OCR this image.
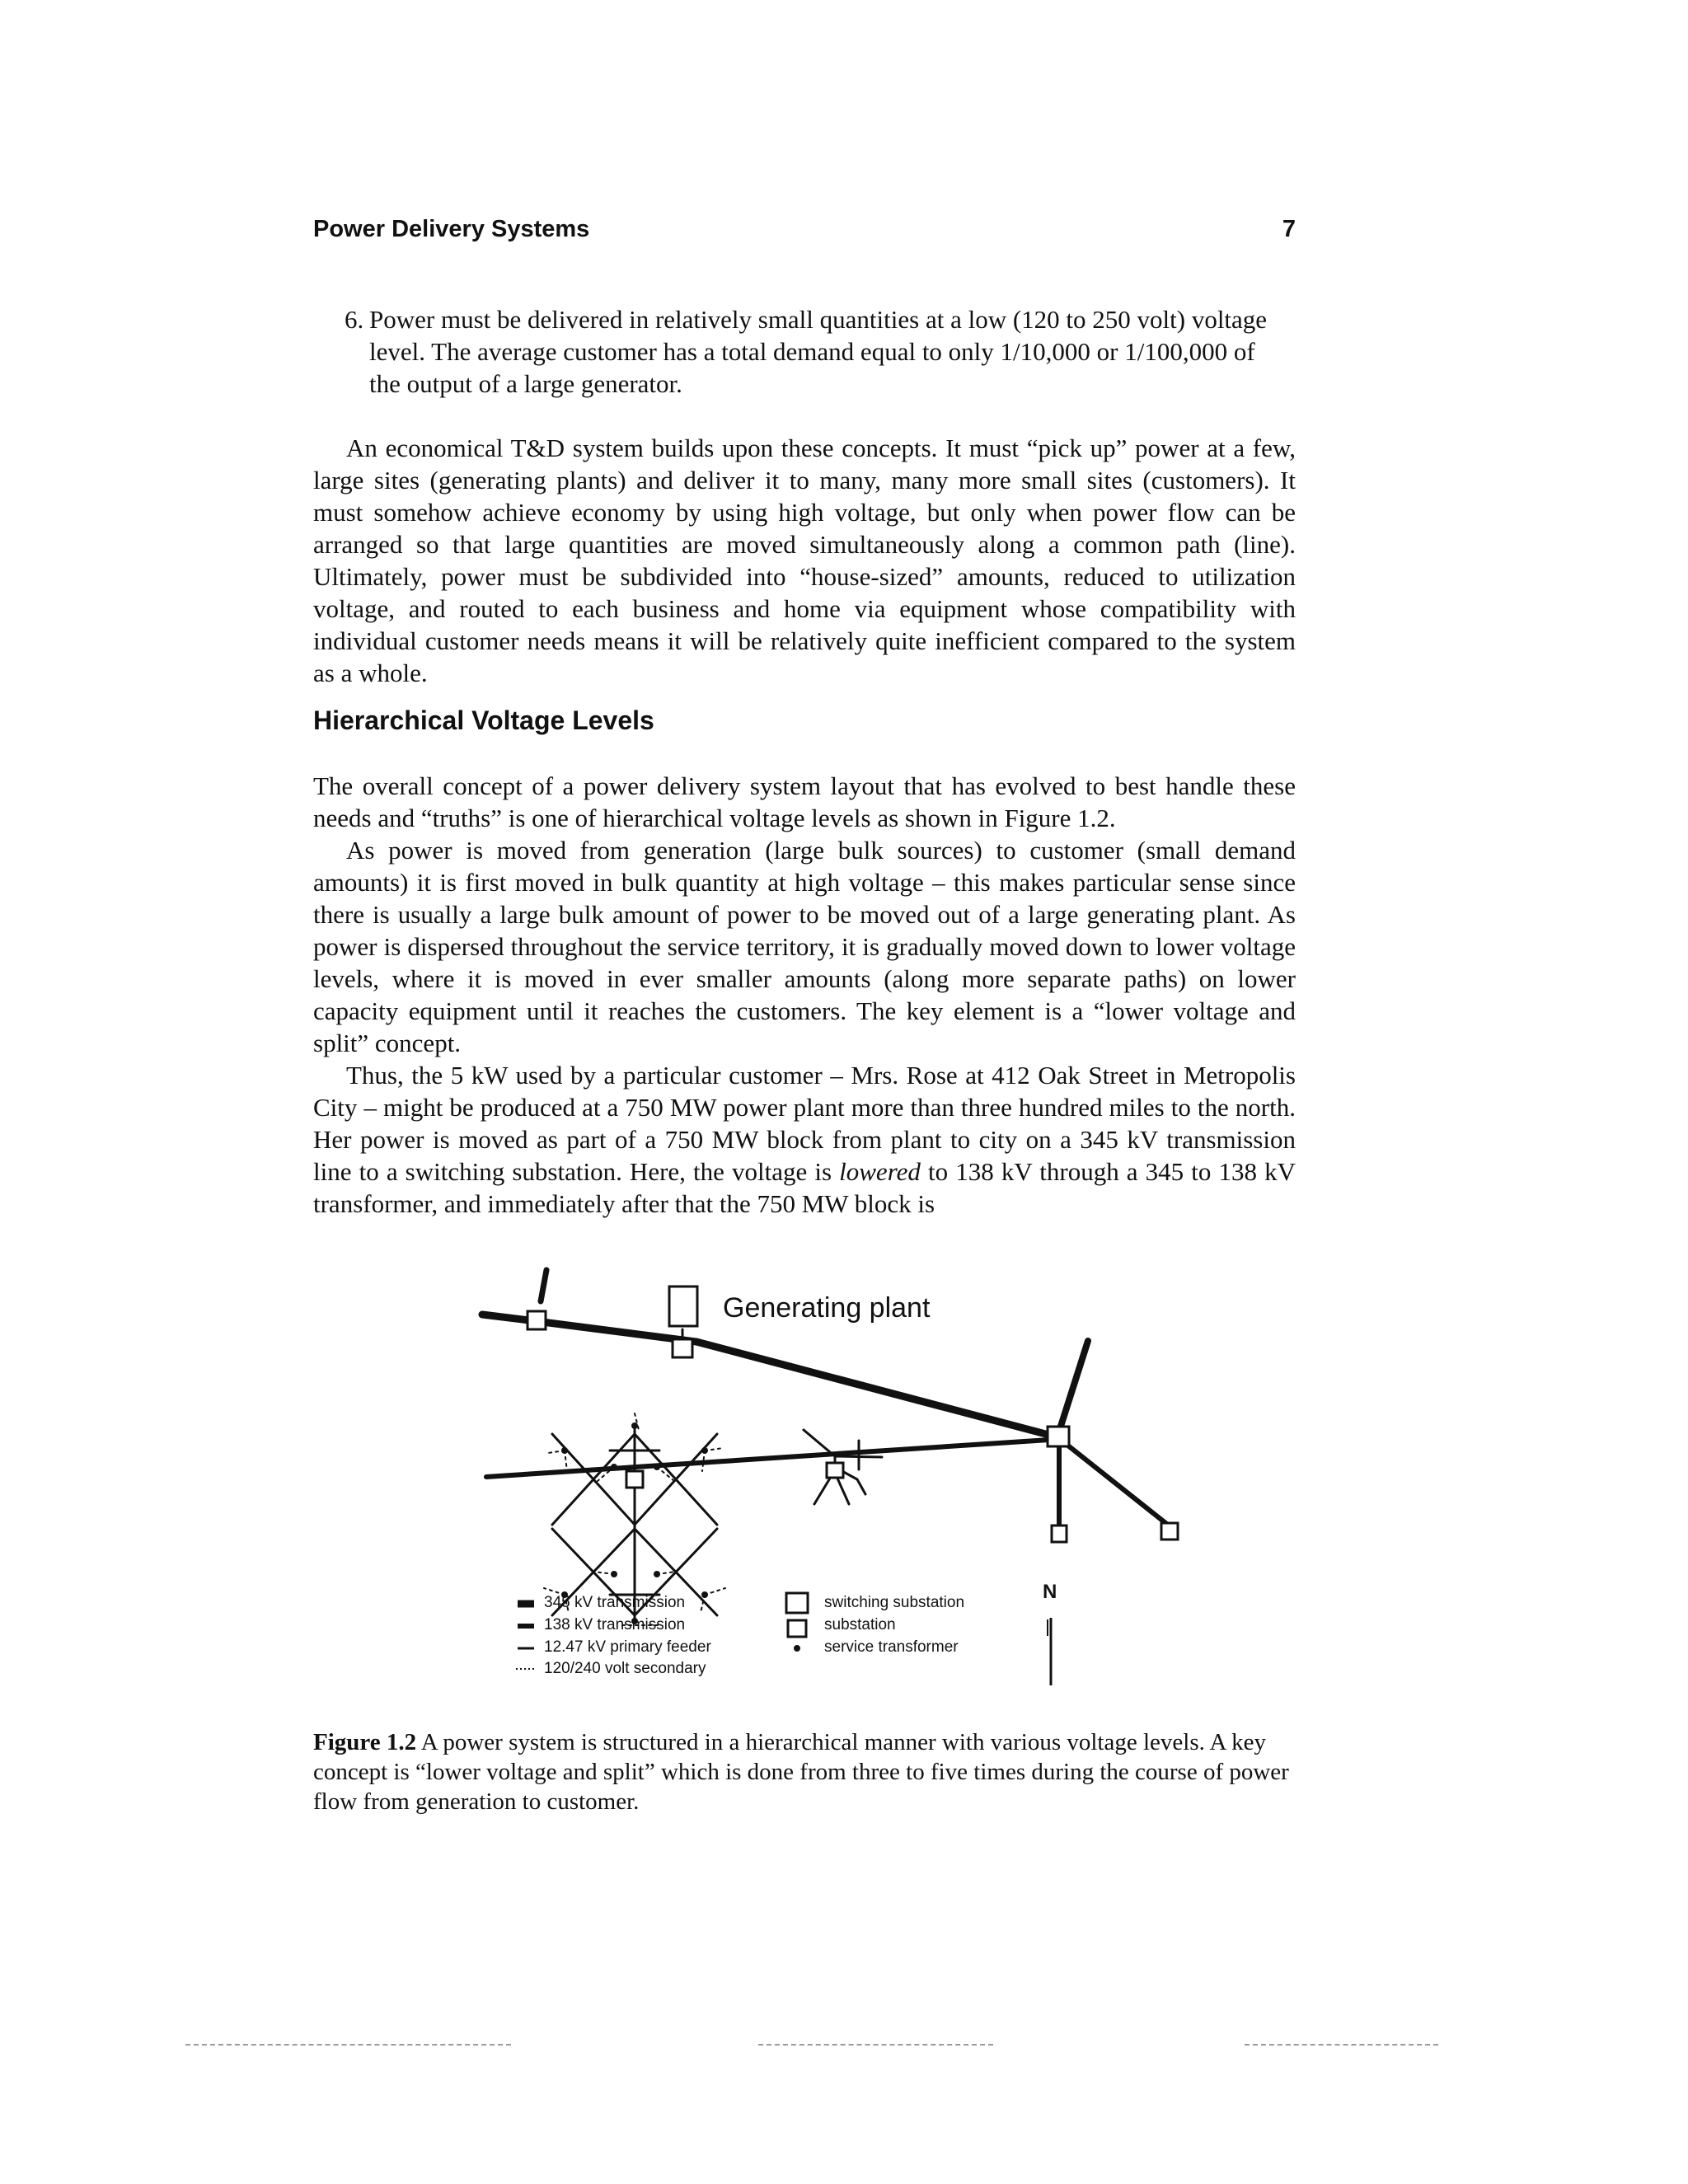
Power Delivery Systems	7
6. Power must be delivered in relatively small quantities at a low (120 to 250 volt) voltage level. The average customer has a total demand equal to only 1/10,000 or 1/100,000 of the output of a large generator.
An economical T&D system builds upon these concepts. It must “pick up” power at a few, large sites (generating plants) and deliver it to many, many more small sites (customers). It must somehow achieve economy by using high voltage, but only when power flow can be arranged so that large quantities are moved simultaneously along a common path (line). Ultimately, power must be subdivided into “house-sized” amounts, reduced to utilization voltage, and routed to each business and home via equipment whose compatibility with individual customer needs means it will be relatively quite inefficient compared to the system as a whole.
Hierarchical Voltage Levels
The overall concept of a power delivery system layout that has evolved to best handle these needs and “truths” is one of hierarchical voltage levels as shown in Figure 1.2.
As power is moved from generation (large bulk sources) to customer (small demand amounts) it is first moved in bulk quantity at high voltage – this makes particular sense since there is usually a large bulk amount of power to be moved out of a large generating plant. As power is dispersed throughout the service territory, it is gradually moved down to lower voltage levels, where it is moved in ever smaller amounts (along more separate paths) on lower capacity equipment until it reaches the customers. The key element is a “lower voltage and split” concept.
Thus, the 5 kW used by a particular customer – Mrs. Rose at 412 Oak Street in Metropolis City – might be produced at a 750 MW power plant more than three hundred miles to the north. Her power is moved as part of a 750 MW block from plant to city on a 345 kV transmission line to a switching substation. Here, the voltage is lowered to 138 kV through a 345 to 138 kV transformer, and immediately after that the 750 MW block is
Generating plant
345 kV transmission
138 kV transmission
12.47 kV primary feeder
120/240 volt secondary
switching substation
substation
service transformer
N
Figure 1.2 A power system is structured in a hierarchical manner with various voltage levels. A key concept is “lower voltage and split” which is done from three to five times during the course of power flow from generation to customer.
